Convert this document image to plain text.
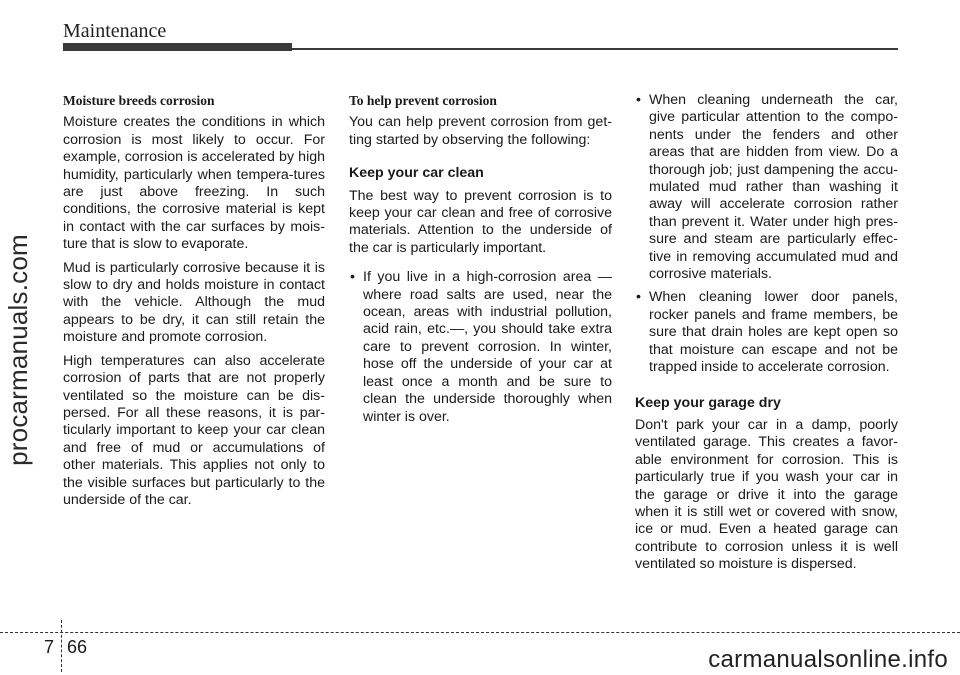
Maintenance
procarmanuals.com
Moisture breeds corrosion

Moisture creates the conditions in which corrosion is most likely to occur. For example, corrosion is accelerated by high humidity, particularly when tempera-tures are just above freezing. In such conditions, the corrosive material is kept in contact with the car surfaces by mois-ture that is slow to evaporate.

Mud is particularly corrosive because it is slow to dry and holds moisture in contact with the vehicle. Although the mud appears to be dry, it can still retain the moisture and promote corrosion.

High temperatures can also accelerate corrosion of parts that are not properly ventilated so the moisture can be dis-persed. For all these reasons, it is par-ticularly important to keep your car clean and free of mud or accumulations of other materials. This applies not only to the visible surfaces but particularly to the underside of the car.

To help prevent corrosion

You can help prevent corrosion from get-ting started by observing the following:

Keep your car clean

The best way to prevent corrosion is to keep your car clean and free of corrosive materials. Attention to the underside of the car is particularly important.

• If you live in a high-corrosion area — where road salts are used, near the ocean, areas with industrial pollution, acid rain, etc.—, you should take extra care to prevent corrosion. In winter, hose off the underside of your car at least once a month and be sure to clean the underside thoroughly when winter is over.
• When cleaning underneath the car, give particular attention to the compo-nents under the fenders and other areas that are hidden from view. Do a thorough job; just dampening the accu-mulated mud rather than washing it away will accelerate corrosion rather than prevent it. Water under high pres-sure and steam are particularly effec-tive in removing accumulated mud and corrosive materials.
• When cleaning lower door panels, rocker panels and frame members, be sure that drain holes are kept open so that moisture can escape and not be trapped inside to accelerate corrosion.
Keep your garage dry

Don't park your car in a damp, poorly ventilated garage. This creates a favor-able environment for corrosion. This is particularly true if you wash your car in the garage or drive it into the garage when it is still wet or covered with snow, ice or mud. Even a heated garage can contribute to corrosion unless it is well ventilated so moisture is dispersed.

7 66	carmanualsonline.info
